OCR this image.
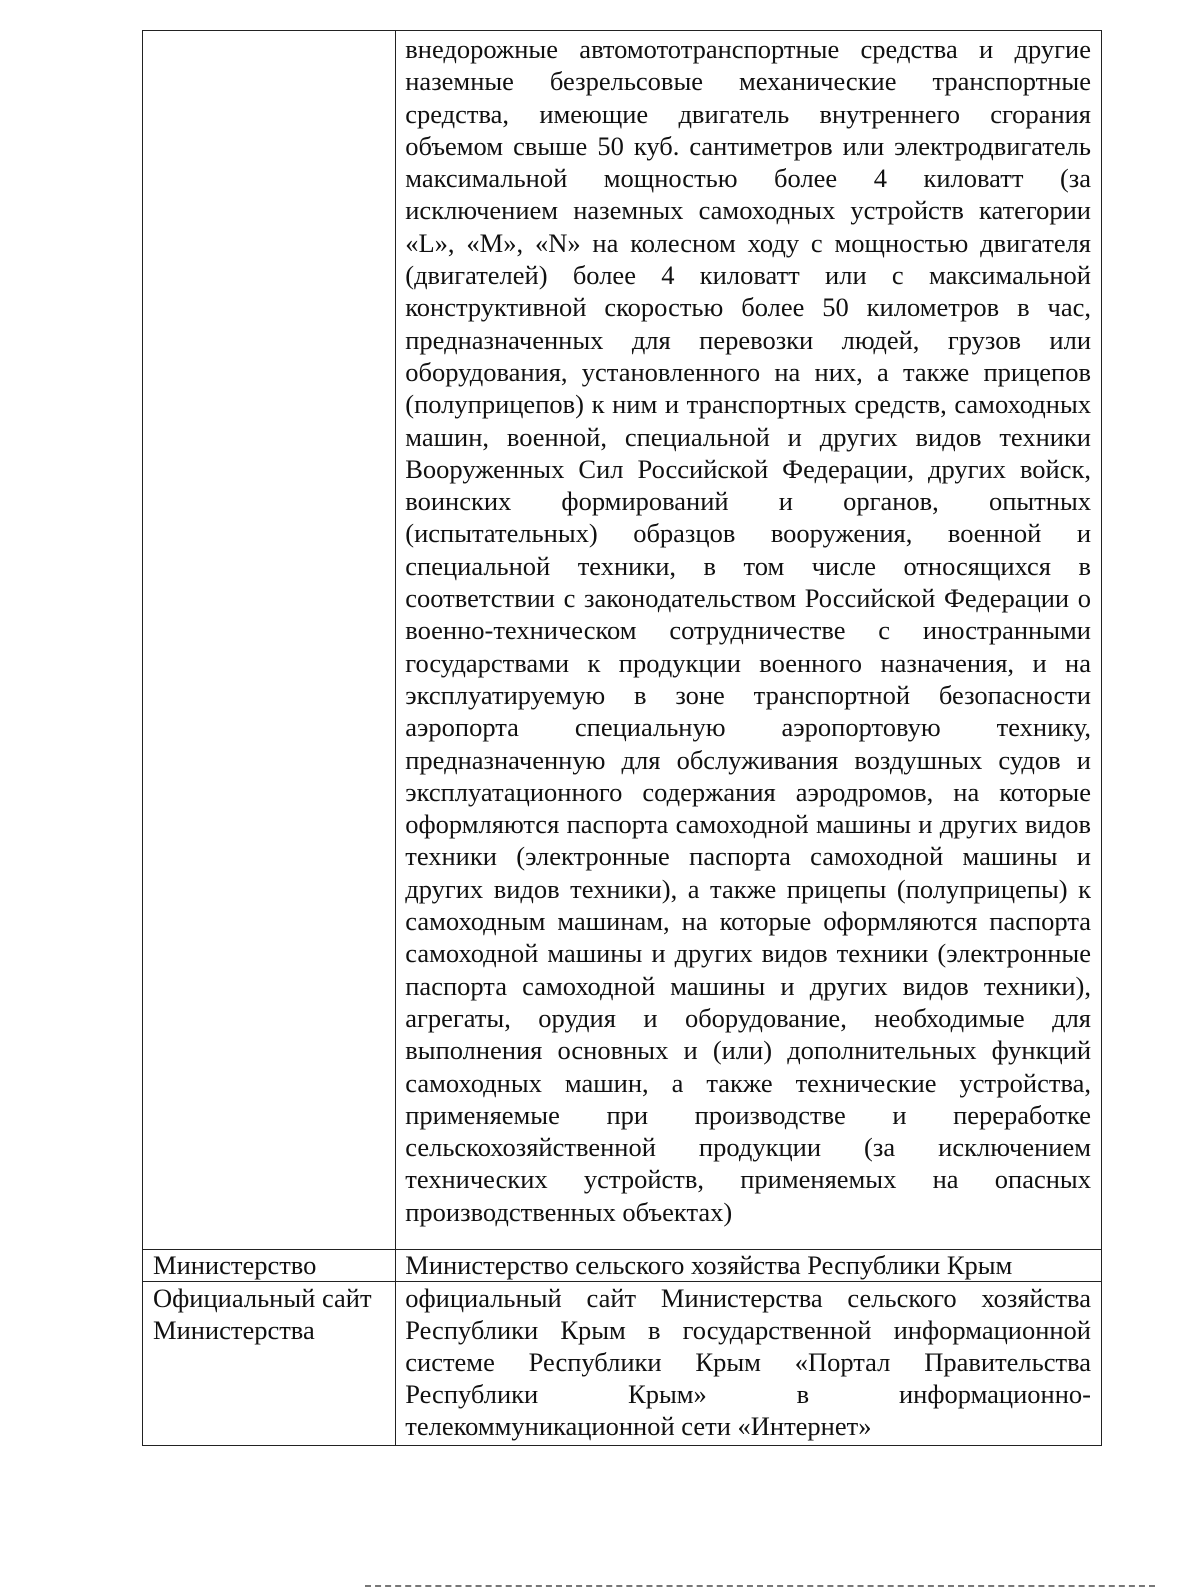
	внедорожные автомототранспортные средства и другие наземные безрельсовые механические транспортные средства, имеющие двигатель внутреннего сгорания объемом свыше 50 куб. сантиметров или электродвигатель максимальной мощностью более 4 киловатт (за исключением наземных самоходных устройств категории «L», «M», «N» на колесном ходу с мощностью двигателя (двигателей) более 4 киловатт или с максимальной конструктивной скоростью более 50 километров в час, предназначенных для перевозки людей, грузов или оборудования, установленного на них, а также прицепов (полуприцепов) к ним и транспортных средств, самоходных машин, военной, специальной и других видов техники Вооруженных Сил Российской Федерации, других войск, воинских формирований и органов, опытных (испытательных) образцов вооружения, военной и специальной техники, в том числе относящихся в соответствии с законодательством Российской Федерации о военно-техническом сотрудничестве с иностранными государствами к продукции военного назначения, и на эксплуатируемую в зоне транспортной безопасности аэропорта специальную аэропортовую технику, предназначенную для обслуживания воздушных судов и эксплуатационного содержания аэродромов, на которые оформляются паспорта самоходной машины и других видов техники (электронные паспорта самоходной машины и других видов техники), а также прицепы (полуприцепы) к самоходным машинам, на которые оформляются паспорта самоходной машины и других видов техники (электронные паспорта самоходной машины и других видов техники), агрегаты, орудия и оборудование, необходимые для выполнения основных и (или) дополнительных функций самоходных машин, а также технические устройства, применяемые при производстве и переработке сельскохозяйственной продукции (за исключением технических устройств, применяемых на опасных производственных объектах)
Министерство	Министерство сельского хозяйства Республики Крым
Официальный сайт Министерства	официальный сайт Министерства сельского хозяйства Республики Крым в государственной информационной системе Республики Крым «Портал Правительства Республики Крым» в информационно-телекоммуникационной сети «Интернет»
